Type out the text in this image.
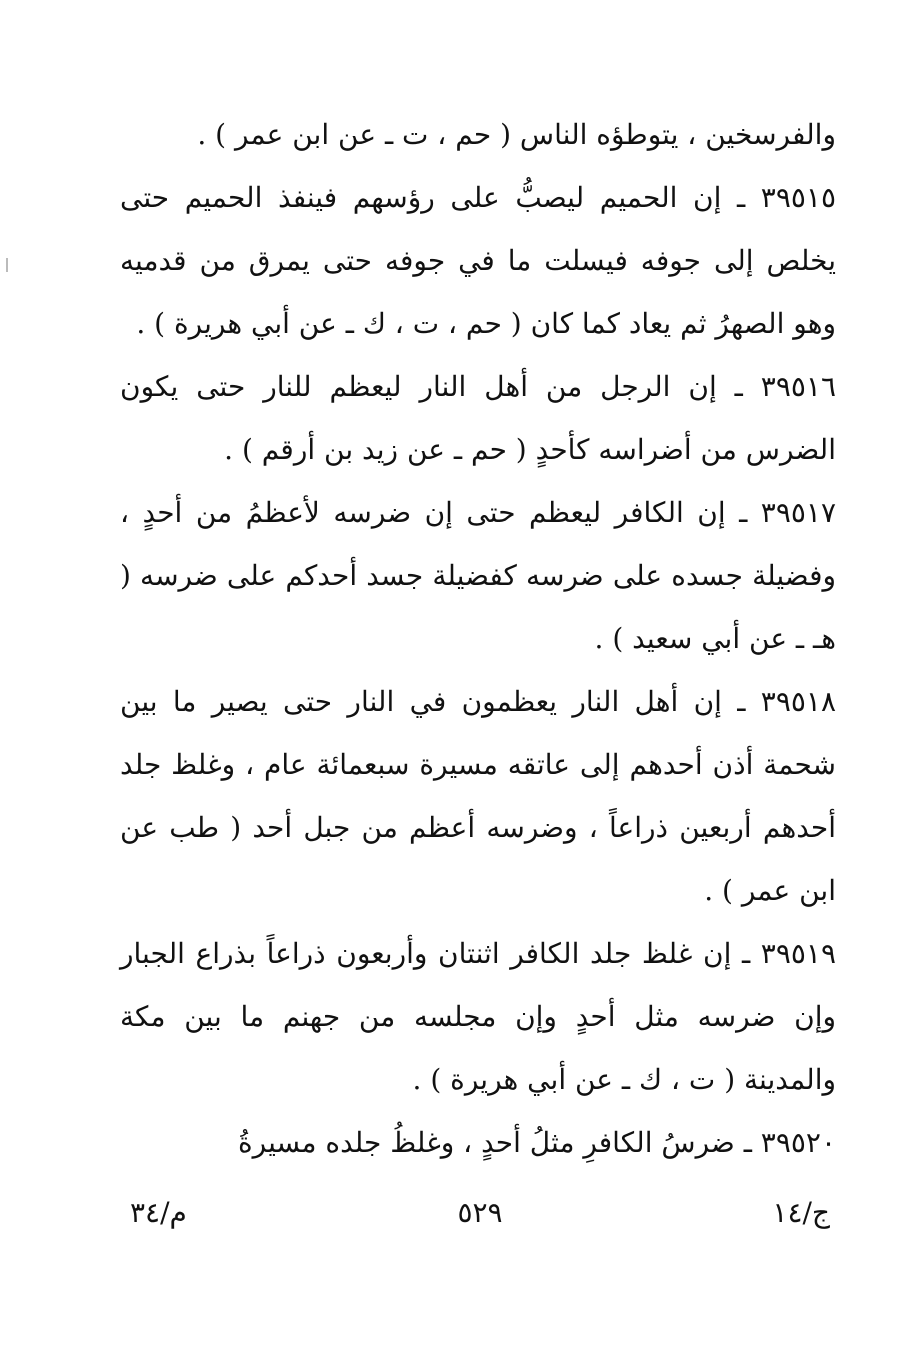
والفرسخين ، يتوطؤه الناس ( حم ، ت ـ عن ابن عمر ) .

٣٩٥١٥ ـ إن الحميم ليصبُّ على رؤسهم فينفذ الحميم حتى يخلص إلى جوفه فيسلت ما في جوفه حتى يمرق من قدميه وهو الصهرُ ثم يعاد كما كان ( حم ، ت ، ك ـ عن أبي هريرة ) .

٣٩٥١٦ ـ إن الرجل من أهل النار ليعظم للنار حتى يكون الضرس من أضراسه كأحدٍ ( حم ـ عن زيد بن أرقم ) .

٣٩٥١٧ ـ إن الكافر ليعظم حتى إن ضرسه لأعظمُ من أحدٍ ، وفضيلة جسده على ضرسه كفضيلة جسد أحدكم على ضرسه ( هـ ـ عن أبي سعيد ) .

٣٩٥١٨ ـ إن أهل النار يعظمون في النار حتى يصير ما بين شحمة أذن أحدهم إلى عاتقه مسيرة سبعمائة عام ، وغلظ جلد أحدهم أربعين ذراعاً ، وضرسه أعظم من جبل أحد ( طب عن ابن عمر ) .

٣٩٥١٩ ـ إن غلظ جلد الكافر اثنتان وأربعون ذراعاً بذراع الجبار وإن ضرسه مثل أحدٍ وإن مجلسه من جهنم ما بين مكة والمدينة ( ت ، ك ـ عن أبي هريرة ) .

٣٩٥٢٠ ـ ضرسُ الكافرِ مثلُ أحدٍ ، وغلظُ جلده مسيرةُ

م/٣٤	٥٢٩	ج/١٤
